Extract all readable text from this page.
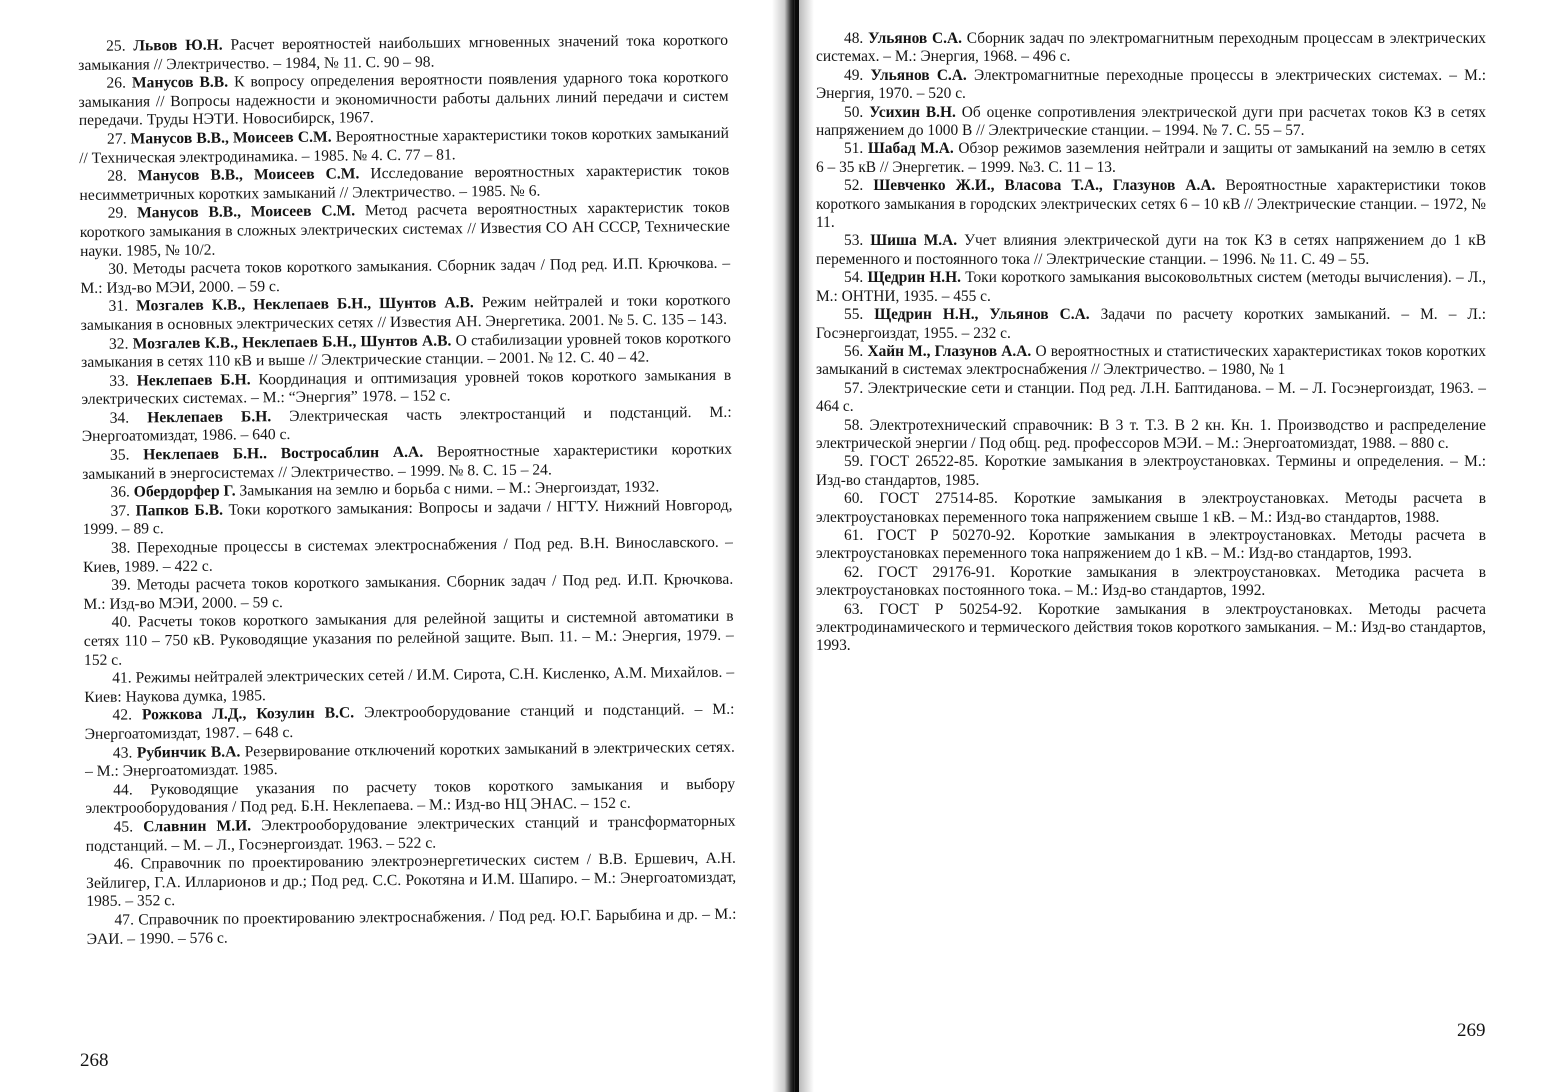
25. Львов Ю.Н. Расчет вероятностей наибольших мгновенных значений тока короткого замыкания // Электричество. – 1984, № 11. С. 90 – 98.

26. Манусов В.В. К вопросу определения вероятности появления ударного тока короткого замыкания // Вопросы надежности и экономичности работы дальних линий передачи и систем передачи. Труды НЭТИ. Новосибирск, 1967.

27. Манусов В.В., Моисеев С.М. Вероятностные характеристики токов коротких замыканий // Техническая электродинамика. – 1985. № 4. С. 77 – 81.

28. Манусов В.В., Моисеев С.М. Исследование вероятностных характеристик токов несимметричных коротких замыканий // Электричество. – 1985. № 6.

29. Манусов В.В., Моисеев С.М. Метод расчета вероятностных характеристик токов короткого замыкания в сложных электрических системах // Известия СО АН СССР, Технические науки. 1985, № 10/2.

30. Методы расчета токов короткого замыкания. Сборник задач / Под ред. И.П. Крючкова. – М.: Изд-во МЭИ, 2000. – 59 с.

31. Мозгалев К.В., Неклепаев Б.Н., Шунтов А.В. Режим нейтралей и токи короткого замыкания в основных электрических сетях // Известия АН. Энергетика. 2001. № 5. С. 135 – 143.

32. Мозгалев К.В., Неклепаев Б.Н., Шунтов А.В. О стабилизации уровней токов короткого замыкания в сетях 110 кВ и выше // Электрические станции. – 2001. № 12. С. 40 – 42.

33. Неклепаев Б.Н. Координация и оптимизация уровней токов короткого замыкания в электрических системах. – М.: “Энергия” 1978. – 152 с.

34. Неклепаев Б.Н. Электрическая часть электростанций и подстанций. М.: Энергоатомиздат, 1986. – 640 с.

35. Неклепаев Б.Н.. Востросаблин А.А. Вероятностные характеристики коротких замыканий в энергосистемах // Электричество. – 1999. № 8. С. 15 – 24.

36. Обердорфер Г. Замыкания на землю и борьба с ними. – М.: Энергоиздат, 1932.

37. Папков Б.В. Токи короткого замыкания: Вопросы и задачи / НГТУ. Нижний Новгород, 1999. – 89 с.

38. Переходные процессы в системах электроснабжения / Под ред. В.Н. Винославского. – Киев, 1989. – 422 с.

39. Методы расчета токов короткого замыкания. Сборник задач / Под ред. И.П. Крючкова. М.: Изд-во МЭИ, 2000. – 59 с.

40. Расчеты токов короткого замыкания для релейной защиты и системной автоматики в сетях 110 – 750 кВ. Руководящие указания по релейной защите. Вып. 11. – М.: Энергия, 1979. – 152 с.

41. Режимы нейтралей электрических сетей / И.М. Сирота, С.Н. Кисленко, А.М. Михайлов. – Киев: Наукова думка, 1985.

42. Рожкова Л.Д., Козулин В.С. Электрооборудование станций и подстанций. – М.: Энергоатомиздат, 1987. – 648 с.

43. Рубинчик В.А. Резервирование отключений коротких замыканий в электрических сетях. – М.: Энергоатомиздат. 1985.

44. Руководящие указания по расчету токов короткого замыкания и выбору электрооборудования / Под ред. Б.Н. Неклепаева. – М.: Изд-во НЦ ЭНАС. – 152 с.

45. Славнин М.И. Электрооборудование электрических станций и трансформаторных подстанций. – М. – Л., Госэнергоиздат. 1963. – 522 с.

46. Справочник по проектированию электроэнергетических систем / В.В. Ершевич, А.Н. Зейлигер, Г.А. Илларионов и др.; Под ред. С.С. Рокотяна и И.М. Шапиро. – М.: Энергоатомиздат, 1985. – 352 с.

47. Справочник по проектированию электроснабжения. / Под ред. Ю.Г. Барыбина и др. – М.: ЭАИ. – 1990. – 576 с.

268

48. Ульянов С.А. Сборник задач по электромагнитным переходным процессам в электрических системах. – М.: Энергия, 1968. – 496 с.

49. Ульянов С.А. Электромагнитные переходные процессы в электрических системах. – М.: Энергия, 1970. – 520 с.

50. Усихин В.Н. Об оценке сопротивления электрической дуги при расчетах токов КЗ в сетях напряжением до 1000 В // Электрические станции. – 1994. № 7. С. 55 – 57.

51. Шабад М.А. Обзор режимов заземления нейтрали и защиты от замыканий на землю в сетях 6 – 35 кВ // Энергетик. – 1999. №3. С. 11 – 13.

52. Шевченко Ж.И., Власова Т.А., Глазунов А.А. Вероятностные характеристики токов короткого замыкания в городских электрических сетях 6 – 10 кВ // Электрические станции. – 1972, № 11.

53. Шиша М.А. Учет влияния электрической дуги на ток КЗ в сетях напряжением до 1 кВ переменного и постоянного тока // Электрические станции. – 1996. № 11. С. 49 – 55.

54. Щедрин Н.Н. Токи короткого замыкания высоковольтных систем (методы вычисления). – Л., М.: ОНТНИ, 1935. – 455 с.

55. Щедрин Н.Н., Ульянов С.А. Задачи по расчету коротких замыканий. – М. – Л.: Госэнергоиздат, 1955. – 232 с.

56. Хайн М., Глазунов А.А. О вероятностных и статистических характеристиках токов коротких замыканий в системах электроснабжения // Электричество. – 1980, № 1

57. Электрические сети и станции. Под ред. Л.Н. Баптиданова. – М. – Л. Госэнергоиздат, 1963. – 464 с.

58. Электротехнический справочник: В 3 т. Т.3. В 2 кн. Кн. 1. Производство и распределение электрической энергии / Под общ. ред. профессоров МЭИ. – М.: Энергоатомиздат, 1988. – 880 с.

59. ГОСТ 26522-85. Короткие замыкания в электроустановках. Термины и определения. – М.: Изд-во стандартов, 1985.

60. ГОСТ 27514-85. Короткие замыкания в электроустановках. Методы расчета в электроустановках переменного тока напряжением свыше 1 кВ. – М.: Изд-во стандартов, 1988.

61. ГОСТ Р 50270-92. Короткие замыкания в электроустановках. Методы расчета в электроустановках переменного тока напряжением до 1 кВ. – М.: Изд-во стандартов, 1993.

62. ГОСТ 29176-91. Короткие замыкания в электроустановках. Методика расчета в электроустановках постоянного тока. – М.: Изд-во стандартов, 1992.

63. ГОСТ Р 50254-92. Короткие замыкания в электроустановках. Методы расчета электродинамического и термического действия токов короткого замыкания. – М.: Изд-во стандартов, 1993.

269
